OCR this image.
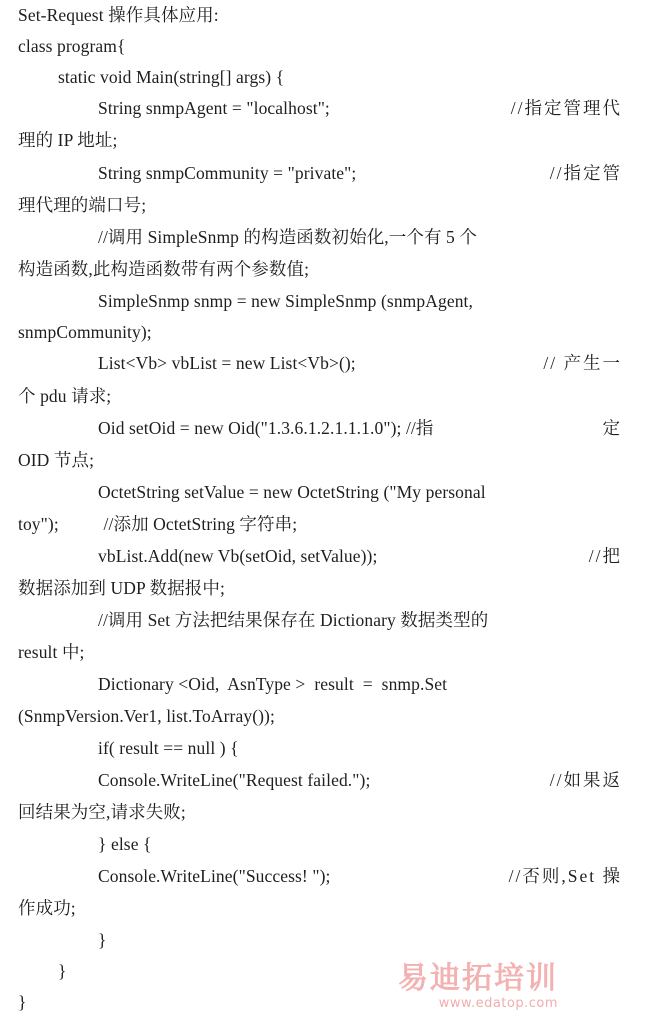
Set-Request 操作具体应用:
class program{
static void Main(string[] args) {
String snmpAgent = "localhost";	//指定管理代
理的 IP 地址;
String snmpCommunity = "private";	//指定管
理代理的端口号;
//调用 SimpleSnmp 的构造函数初始化,一个有 5 个
构造函数,此构造函数带有两个参数值;
SimpleSnmp snmp = new SimpleSnmp (snmpAgent,
snmpCommunity);
List<Vb> vbList = new List<Vb>();	// 产生一
个 pdu 请求;
Oid setOid = new Oid("1.3.6.1.2.1.1.1.0"); //指	定
OID 节点;
OctetString setValue = new OctetString ("My personal
toy");          //添加 OctetString 字符串;
vbList.Add(new Vb(setOid, setValue));	//把
数据添加到 UDP 数据报中;
//调用 Set 方法把结果保存在 Dictionary 数据类型的
result 中;
Dictionary <Oid,  AsnType >  result  =  snmp.Set
(SnmpVersion.Ver1, list.ToArray());
if( result == null ) {
Console.WriteLine("Request failed.");	//如果返
回结果为空,请求失败;
} else {
Console.WriteLine("Success! ");	//否则,Set 操
作成功;
}
}
}
易迪拓培训
www.edatop.com
